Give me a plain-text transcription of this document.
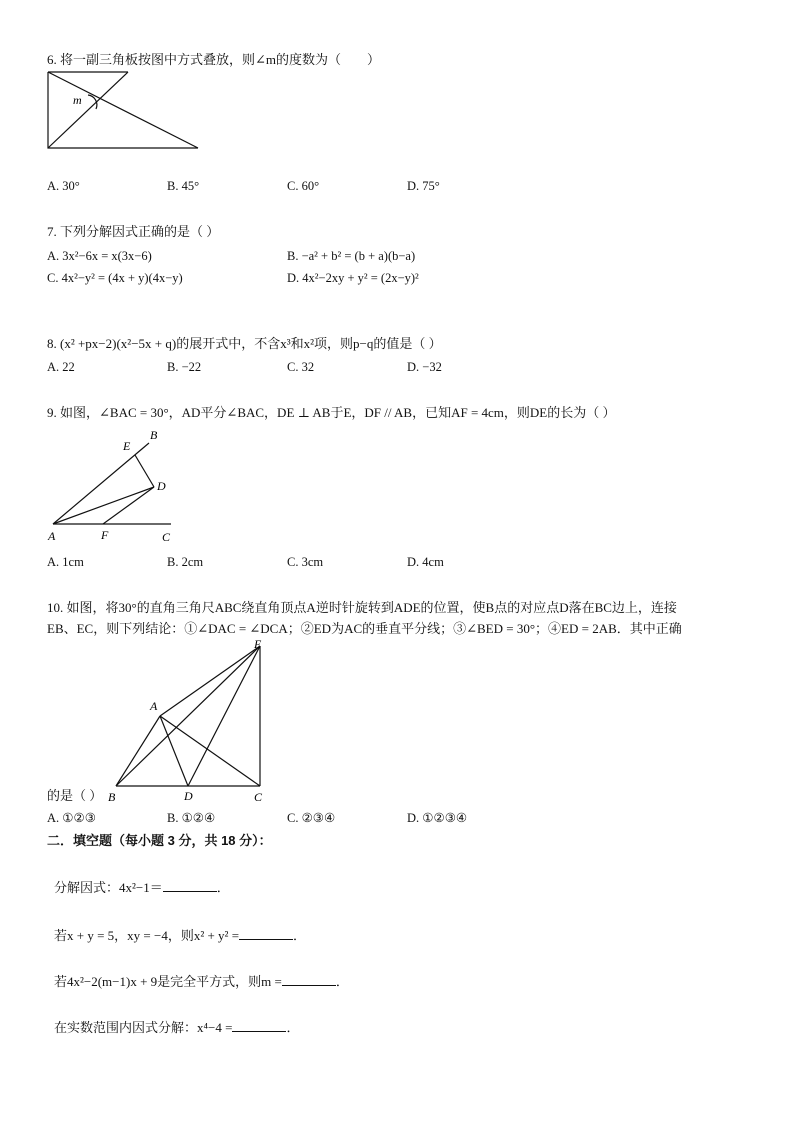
6. 将一副三角板按图中方式叠放，则∠m的度数为（　　）
m
A. 30°	B. 45°	C. 60°	D. 75°
7. 下列分解因式正确的是（ ）
A. 3x²−6x = x(3x−6)	B. −a² + b² = (b + a)(b−a)
C. 4x²−y² = (4x + y)(4x−y)	D. 4x²−2xy + y² = (2x−y)²
8. (x² +px−2)(x²−5x + q)的展开式中，不含x³和x²项，则p−q的值是（ ）
A. 22	B. −22	C. 32	D. −32
9. 如图，∠BAC = 30°，AD平分∠BAC，DE ⊥ AB于E，DF // AB，已知AF = 4cm，则DE的长为（ ）
E
B
D
A	F	C
A. 1cm	B. 2cm	C. 3cm	D. 4cm
10. 如图，将30°的直角三角尺ABC绕直角顶点A逆时针旋转到ADE的位置，使B点的对应点D落在BC边上，连接
EB、EC，则下列结论：①∠DAC = ∠DCA；②ED为AC的垂直平分线；③∠BED = 30°；④ED = 2AB．其中正确
E
A
B	D	C
的是（ ）
A. ①②③	B. ①②④	C. ②③④	D. ①②③④
二．填空题（每小题 3 分，共 18 分）：
分解因式：4x²−1＝	．
若x + y = 5，xy = −4，则x² + y² =	．
若4x²−2(m−1)x + 9是完全平方式，则m =	．
在实数范围内因式分解：x⁴−4 =	．
